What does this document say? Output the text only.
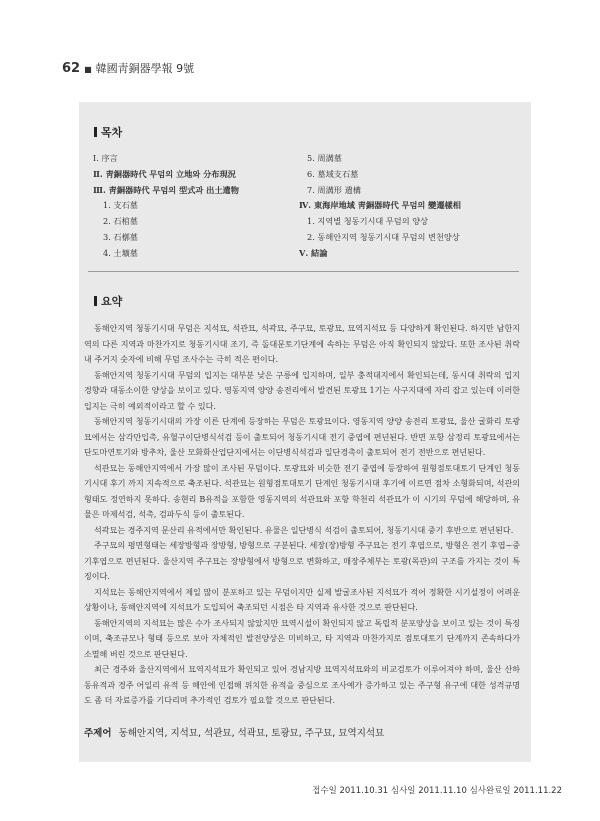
62 ■ 韓國靑銅器學報 9號
목차
Ⅰ. 序言
Ⅱ. 靑銅器時代 무덤의 立地와 分布現況
Ⅲ. 靑銅器時代 무덤의 型式과 出土遺物
1. 支石墓
2. 石棺墓
3. 石槨墓
4. 土壙墓
5. 周溝墓
6. 墓域支石墓
7. 周溝形 遺構
Ⅳ. 東海岸地域 靑銅器時代 무덤의 變遷樣相
1. 지역별 청동기시대 무덤의 양상
2. 동해안지역 청동기시대 무덤의 변천양상
Ⅴ. 結論
요약

동해안지역 청동기시대 무덤은 지석묘, 석관묘, 석곽묘, 주구묘, 토광묘, 묘역지석묘 등 다양하게 확인된다. 하지만 남한지역의 다른 지역과 마찬가지로 청동기시대 조기, 즉 돌대문토기단계에 속하는 무덤은 아직 확인되지 않았다. 또한 조사된 취락 내 주거지 숫자에 비해 무덤 조사수는 극히 적은 편이다.

동해안지역 청동기시대 무덤의 입지는 대부분 낮은 구릉에 입지하며, 일부 충적대지에서 확인되는데, 동시대 취락의 입지 경향과 대동소이한 양상을 보이고 있다. 영동지역 양양 송전리에서 발견된 토광묘 1기는 사구지대에 자리 잡고 있는데 이러한 입지는 극히 예외적이라고 할 수 있다.

동해안지역 청동기시대의 가장 이른 단계에 등장하는 무덤은 토광묘이다. 영동지역 양양 송전리 토광묘, 울산 굴화리 토광묘에서는 삼각만입촉, 유혈구이단병식석검 등이 출토되어 청동기시대 전기 중엽에 편년된다. 반면 포항 삼정리 토광묘에서는 단도마연토기와 방추차, 울산 모화화산업단지에서는 이단병식석검과 일단경촉이 출토되어 전기 전반으로 편년된다.

석관묘는 동해안지역에서 가장 많이 조사된 무덤이다. 토광묘와 비슷한 전기 중엽에 등장하여 원형점토대토기 단계인 청동기시대 후기 까지 지속적으로 축조된다. 석관묘는 원형점토대토기 단계인 청동기시대 후기에 이르면 점차 소형화되며, 석관의 형태도 정연하지 못하다. 송현리 B유적을 포함한 영동지역의 석관묘와 포항 학천리 석관묘가 이 시기의 무덤에 해당하며, 유물은 마제석검, 석촉, 검파두식 등이 출토된다.

석곽묘는 경주지역 문산리 유적에서만 확인된다. 유물은 일단병식 석검이 출토되어, 청동기시대 중기 후반으로 편년된다.

주구묘의 평면형태는 세장방형과 장방형, 방형으로 구분된다. 세장(장)방형 주구묘는 전기 후엽으로, 방형은 전기 후엽~중기후엽으로 편년된다. 울산지역 주구묘는 장방형에서 방형으로 변화하고, 매장주체부는 토광(목관)의 구조를 가지는 것이 특징이다.

지석묘는 동해안지역에서 제일 많이 분포하고 있는 무덤이지만 실제 발굴조사된 지석묘가 적어 정확한 시기설정이 어려운 상황이나, 동해안지역에 지석묘가 도입되어 축조되던 시점은 타 지역과 유사한 것으로 판단된다.

동해안지역의 지석묘는 많은 수가 조사되지 않았지만 묘역시설이 확인되지 않고 독립적 분포양상을 보이고 있는 것이 특징이며, 축조규모나 형태 등으로 보아 자체적인 발전양상은 미비하고, 타 지역과 마찬가지로 점토대토기 단계까지 존속하다가 소멸해 버린 것으로 판단된다.

최근 경주와 울산지역에서 묘역지석묘가 확인되고 있어 경남지방 묘역지석묘와의 비교검토가 이루어져야 하며, 울산 산하동유적과 경주 어일리 유적 등 해안에 인접해 위치한 유적을 중심으로 조사예가 증가하고 있는 주구형 유구에 대한 성격규명도 좀 더 자료증가를 기다리며 추가적인 검토가 필요할 것으로 판단된다.

주제어 동해안지역, 지석묘, 석관묘, 석곽묘, 토광묘, 주구묘, 묘역지석묘
접수일 2011.10.31 심사일 2011.11.10 심사완료일 2011.11.22
